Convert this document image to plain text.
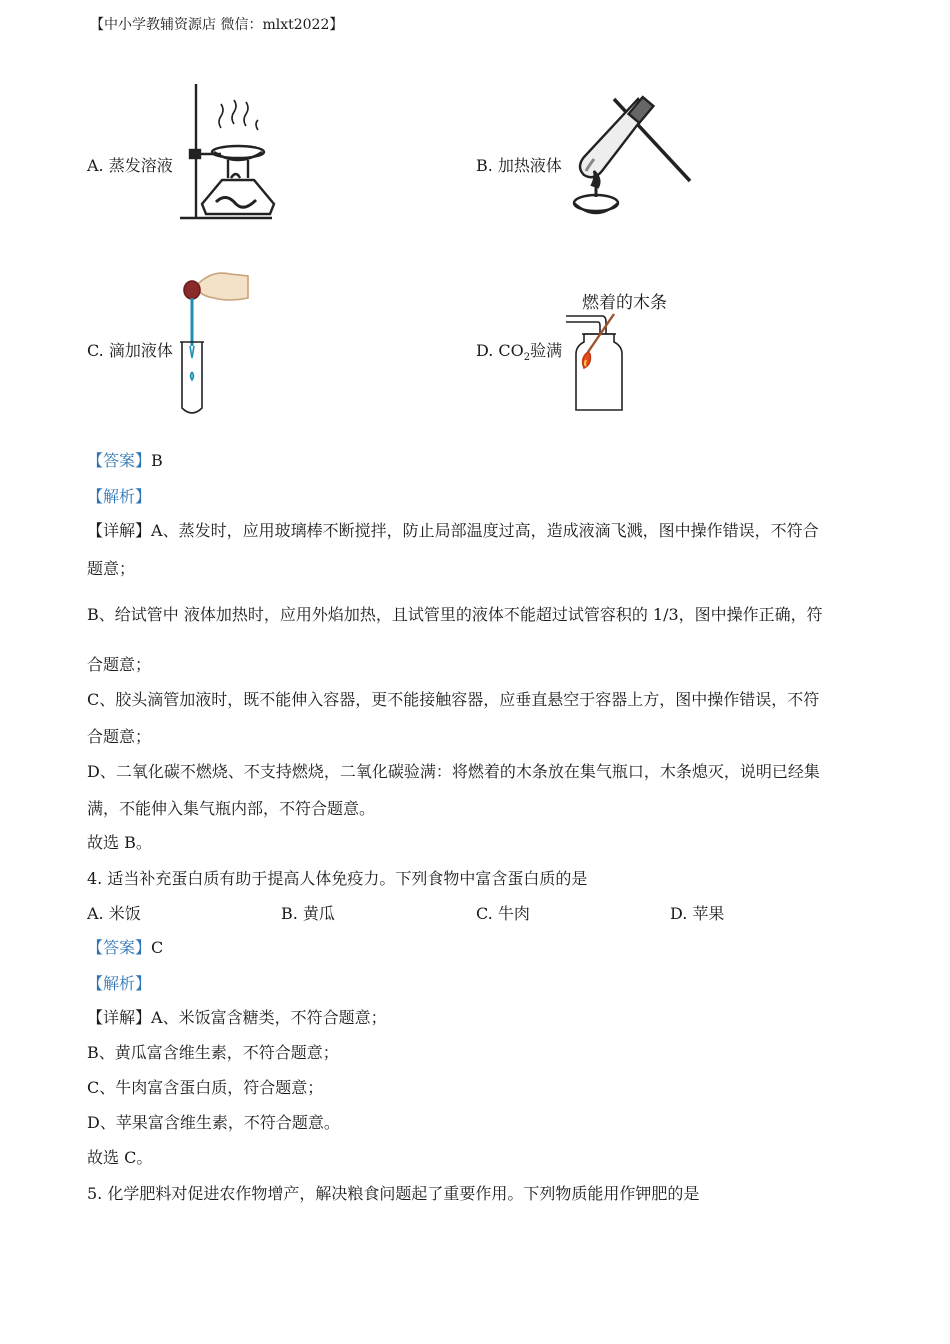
【中小学教辅资源店 微信：mlxt2022】
A. 蒸发溶液	B. 加热液体
C. 滴加液体	D. $CO_2$验满
燃着的木条
【答案】B
【解析】
【详解】A、蒸发时，应用玻璃棒不断搅拌，防止局部温度过高，造成液滴飞溅，图中操作错误，不符合
题意；
B、给试管中 液体加热时，应用外焰加热，且试管里的液体不能超过试管容积的 1/3，图中操作正确，符
合题意；
C、胶头滴管加液时，既不能伸入容器，更不能接触容器，应垂直悬空于容器上方，图中操作错误，不符
合题意；
D、二氧化碳不燃烧、不支持燃烧，二氧化碳验满：将燃着的木条放在集气瓶口，木条熄灭，说明已经集
满，不能伸入集气瓶内部，不符合题意。
故选 B。
4. 适当补充蛋白质有助于提高人体免疫力。下列食物中富含蛋白质的是
A. 米饭	B. 黄瓜	C. 牛肉	D. 苹果
【答案】C
【解析】
【详解】A、米饭富含糖类，不符合题意；
B、黄瓜富含维生素，不符合题意；
C、牛肉富含蛋白质，符合题意；
D、苹果富含维生素，不符合题意。
故选 C。
5. 化学肥料对促进农作物增产，解决粮食问题起了重要作用。下列物质能用作钾肥的是
